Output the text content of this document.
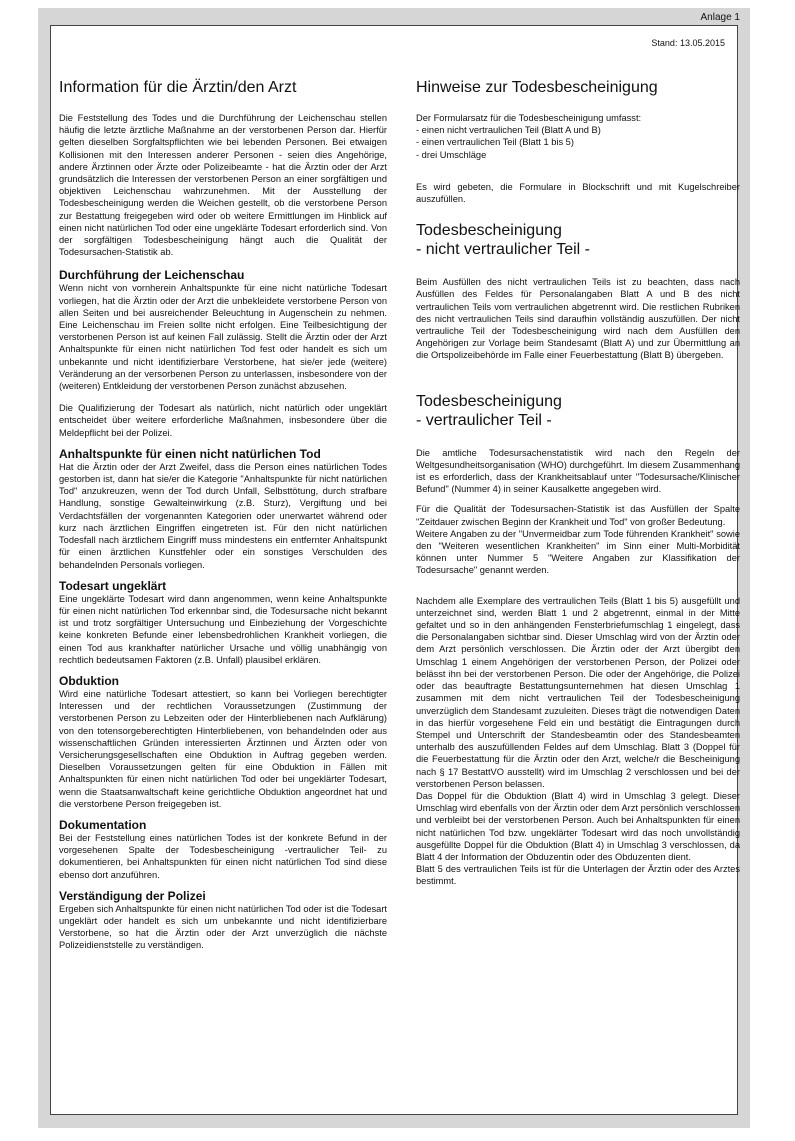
Anlage 1
Stand: 13.05.2015
Information für die Ärztin/den Arzt

Die Feststellung des Todes und die Durchführung der Leichenschau stellen häufig die letzte ärztliche Maßnahme an der verstorbenen Person dar. Hierfür gelten dieselben Sorgfaltspflichten wie bei lebenden Personen. Bei etwaigen Kollisionen mit den Interessen anderer Personen - seien dies Angehörige, andere Ärztinnen oder Ärzte oder Polizeibeamte - hat die Ärztin oder der Arzt grundsätzlich die Interessen der verstorbenen Person an einer sorgfältigen und objektiven Leichenschau wahrzunehmen. Mit der Ausstellung der Todesbescheinigung werden die Weichen gestellt, ob die verstorbene Person zur Bestattung freigegeben wird oder ob weitere Ermittlungen im Hinblick auf einen nicht natürlichen Tod oder eine ungeklärte Todesart erforderlich sind. Von der sorgfältigen Todesbescheinigung hängt auch die Qualität der Todesursachen-Statistik ab.

Durchführung der Leichenschau

Wenn nicht von vornherein Anhaltspunkte für eine nicht natürliche Todesart vorliegen, hat die Ärztin oder der Arzt die unbekleidete verstorbene Person von allen Seiten und bei ausreichender Beleuchtung in Augenschein zu nehmen. Eine Leichenschau im Freien sollte nicht erfolgen. Eine Teilbesichtigung der verstorbenen Person ist auf keinen Fall zulässig. Stellt die Ärztin oder der Arzt Anhaltspunkte für einen nicht natürlichen Tod fest oder handelt es sich um unbekannte und nicht identifizierbare Verstorbene, hat sie/er jede (weitere) Veränderung an der versorbenen Person zu unterlassen, insbesondere von der (weiteren) Entkleidung der verstorbenen Person zunächst abzusehen.

Die Qualifizierung der Todesart als natürlich, nicht natürlich oder ungeklärt entscheidet über weitere erforderliche Maßnahmen, insbesondere über die Meldepflicht bei der Polizei.

Anhaltspunkte für einen nicht natürlichen Tod

Hat die Ärztin oder der Arzt Zweifel, dass die Person eines natürlichen Todes gestorben ist, dann hat sie/er die Kategorie "Anhaltspunkte für nicht natürlichen Tod" anzukreuzen, wenn der Tod durch Unfall, Selbsttötung, durch strafbare Handlung, sonstige Gewalteinwirkung (z.B. Sturz), Vergiftung und bei Verdachtsfällen der vorgenannten Kategorien oder unerwartet während oder kurz nach ärztlichen Eingriffen eingetreten ist. Für den nicht natürlichen Todesfall nach ärztlichem Eingriff muss mindestens ein entfernter Anhaltspunkt für einen ärztlichen Kunstfehler oder ein sonstiges Verschulden des behandelnden Personals vorliegen.

Todesart ungeklärt

Eine ungeklärte Todesart wird dann angenommen, wenn keine Anhaltspunkte für einen nicht natürlichen Tod erkennbar sind, die Todesursache nicht bekannt ist und trotz sorgfältiger Untersuchung und Einbeziehung der Vorgeschichte keine konkreten Befunde einer lebensbedrohlichen Krankheit vorliegen, die einen Tod aus krankhafter natürlicher Ursache und völlig unabhängig von rechtlich bedeutsamen Faktoren (z.B. Unfall) plausibel erklären.

Obduktion

Wird eine natürliche Todesart attestiert, so kann bei Vorliegen berechtigter Interessen und der rechtlichen Voraussetzungen (Zustimmung der verstorbenen Person zu Lebzeiten oder der Hinterbliebenen nach Aufklärung) von den totensorgeberechtigten Hinterbliebenen, von behandelnden oder aus wissenschaftlichen Gründen interessierten Ärztinnen und Ärzten oder von Versicherungsgesellschaften eine Obduktion in Auftrag gegeben werden. Dieselben Voraussetzungen gelten für eine Obduktion in Fällen mit Anhaltspunkten für einen nicht natürlichen Tod oder bei ungeklärter Todesart, wenn die Staatsanwaltschaft keine gerichtliche Obduktion angeordnet hat und die verstorbene Person freigegeben ist.

Dokumentation

Bei der Feststellung eines natürlichen Todes ist der konkrete Befund in der vorgesehenen Spalte der Todesbescheinigung -vertraulicher Teil- zu dokumentieren, bei Anhaltspunkten für einen nicht natürlichen Tod sind diese ebenso dort anzuführen.

Verständigung der Polizei

Ergeben sich Anhaltspunkte für einen nicht natürlichen Tod oder ist die Todesart ungeklärt oder handelt es sich um unbekannte und nicht identifizierbare Verstorbene, so hat die Ärztin oder der Arzt unverzüglich die nächste Polizeidienststelle zu verständigen.

Hinweise zur Todesbescheinigung
Der Formularsatz für die Todesbescheinigung umfasst:
- einen nicht vertraulichen Teil (Blatt A und B)
- einen vertraulichen Teil (Blatt 1 bis 5)
- drei Umschläge

Es wird gebeten, die Formulare in Blockschrift und mit Kugelschreiber auszufüllen.

Todesbescheinigung
- nicht vertraulicher Teil -

Beim Ausfüllen des nicht vertraulichen Teils ist zu beachten, dass nach Ausfüllen des Feldes für Personalangaben Blatt A und B des nicht vertraulichen Teils vom vertraulichen abgetrennt wird. Die restlichen Rubriken des nicht vertraulichen Teils sind daraufhin vollständig auszufüllen. Der nicht vertrauliche Teil der Todesbescheinigung wird nach dem Ausfüllen den Angehörigen zur Vorlage beim Standesamt (Blatt A) und zur Übermittlung an die Ortspolizeibehörde im Falle einer Feuerbestattung (Blatt B) übergeben.

Todesbescheinigung
- vertraulicher Teil -

Die amtliche Todesursachenstatistik wird nach den Regeln der Weltgesundheitsorganisation (WHO) durchgeführt. Im diesem Zusammenhang ist es erforderlich, dass der Krankheitsablauf unter "Todesursache/Klinischer Befund" (Nummer 4) in seiner Kausalkette angegeben wird.

Für die Qualität der Todesursachen-Statistik ist das Ausfüllen der Spalte "Zeitdauer zwischen Beginn der Krankheit und Tod" von großer Bedeutung.

Weitere Angaben zu der "Unvermeidbar zum Tode führenden Krankheit" sowie den "Weiteren wesentlichen Krankheiten" im Sinn einer Multi-Morbidität können unter Nummer 5 "Weitere Angaben zur Klassifikation der Todesursache" genannt werden.

Nachdem alle Exemplare des vertraulichen Teils (Blatt 1 bis 5) ausgefüllt und unterzeichnet sind, werden Blatt 1 und 2 abgetrennt, einmal in der Mitte gefaltet und so in den anhängenden Fensterbriefumschlag 1 eingelegt, dass die Personalangaben sichtbar sind. Dieser Umschlag wird von der Ärztin oder dem Arzt persönlich verschlossen. Die Ärztin oder der Arzt übergibt den Umschlag 1 einem Angehörigen der verstorbenen Person, der Polizei oder belässt ihn bei der verstorbenen Person. Die oder der Angehörige, die Polizei oder das beauftragte Bestattungsunternehmen hat diesen Umschlag 1 zusammen mit dem nicht vertraulichen Teil der Todesbescheinigung unverzüglich dem Standesamt zuzuleiten. Dieses trägt die notwendigen Daten in das hierfür vorgesehene Feld ein und bestätigt die Eintragungen durch Stempel und Unterschrift der Standesbeamtin oder des Standesbeamten unterhalb des auszufüllenden Feldes auf dem Umschlag. Blatt 3 (Doppel für die Feuerbestattung für die Ärztin oder den Arzt, welche/r die Bescheinigung nach § 17 BestattVO ausstellt) wird im Umschlag 2 verschlossen und bei der verstorbenen Person belassen.

Das Doppel für die Obduktion (Blatt 4) wird in Umschlag 3 gelegt. Dieser Umschlag wird ebenfalls von der Ärztin oder dem Arzt persönlich verschlossen und verbleibt bei der verstorbenen Person. Auch bei Anhaltspunkten für einen nicht natürlichen Tod bzw. ungeklärter Todesart wird das noch unvollständig ausgefüllte Doppel für die Obduktion (Blatt 4) in Umschlag 3 verschlossen, da Blatt 4 der Information der Obduzentin oder des Obduzenten dient.

Blatt 5 des vertraulichen Teils ist für die Unterlagen der Ärztin oder des Arztes bestimmt.
